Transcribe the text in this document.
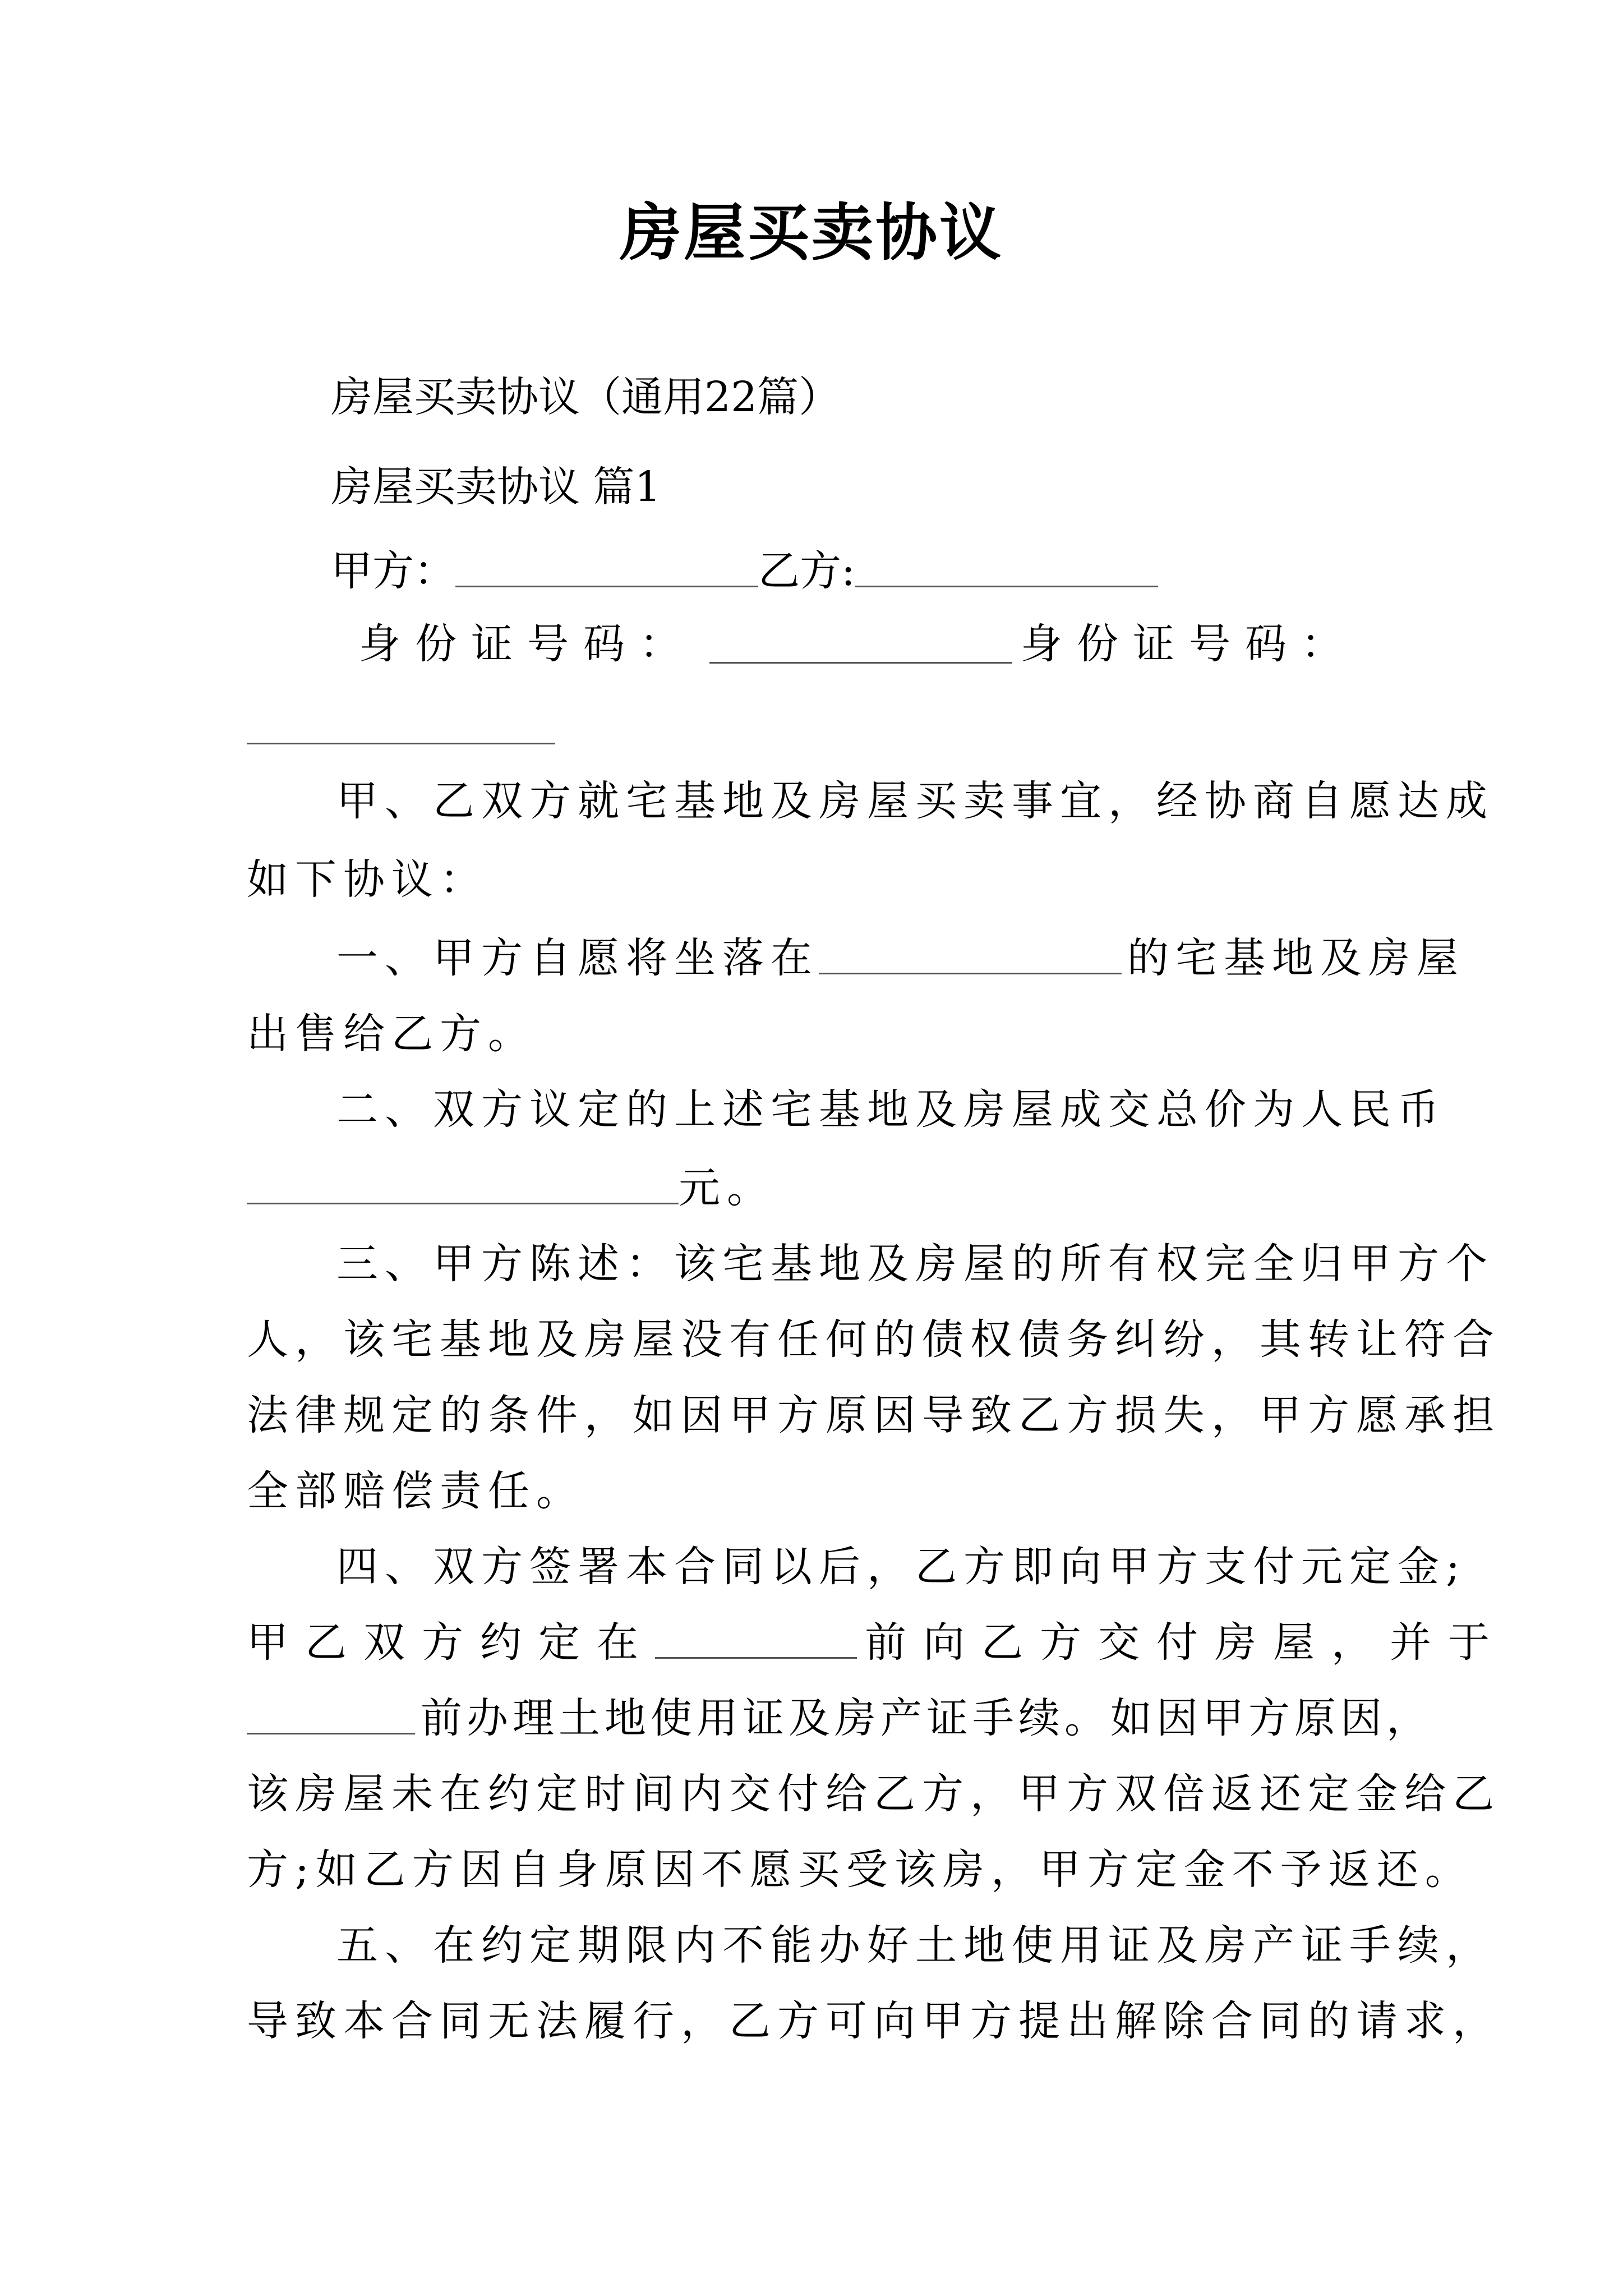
房屋买卖协议
房屋买卖协议（通用22篇）
房屋买卖协议 篇1
甲方：	乙方:
身份证号码：	身份证号码：
甲、乙双方就宅基地及房屋买卖事宜，经协商自愿达成
如下协议：
一、甲方自愿将坐落在	的宅基地及房屋
出售给乙方。
二、双方议定的上述宅基地及房屋成交总价为人民币
元。
三、甲方陈述：该宅基地及房屋的所有权完全归甲方个
人，该宅基地及房屋没有任何的债权债务纠纷，其转让符合
法律规定的条件，如因甲方原因导致乙方损失，甲方愿承担
全部赔偿责任。
四、双方签署本合同以后，乙方即向甲方支付元定金;
甲乙双方约定在	前向乙方交付房屋，并于
前办理土地使用证及房产证手续。如因甲方原因，
该房屋未在约定时间内交付给乙方，甲方双倍返还定金给乙
方;如乙方因自身原因不愿买受该房，甲方定金不予返还。
五、在约定期限内不能办好土地使用证及房产证手续，
导致本合同无法履行，乙方可向甲方提出解除合同的请求，
